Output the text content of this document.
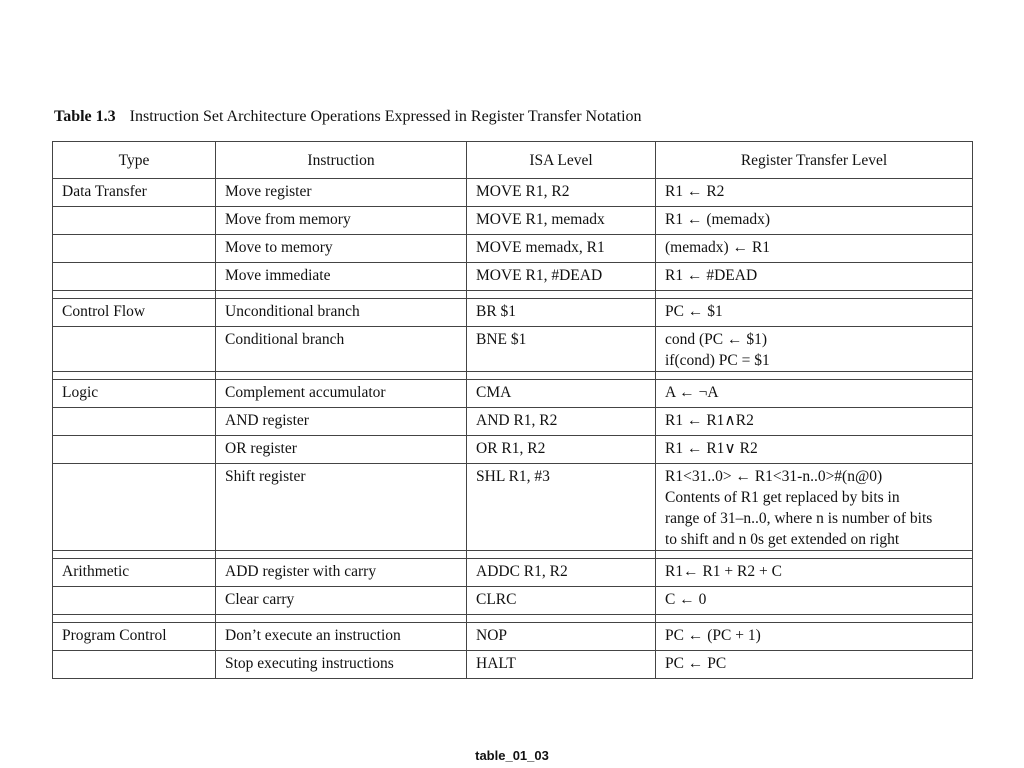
Table 1.3 Instruction Set Architecture Operations Expressed in Register Transfer Notation
Type	Instruction	ISA Level	Register Transfer Level
Data Transfer	Move register	MOVE R1, R2	R1 ← R2

	Move from memory	MOVE R1, memadx	R1 ← (memadx)

	Move to memory	MOVE memadx, R1	(memadx) ← R1

	Move immediate	MOVE R1, #DEAD	R1 ← #DEAD

Control Flow	Unconditional branch	BR $1	PC ← $1

	Conditional branch	BNE $1	cond (PC ← $1)
if(cond) PC = $1

Logic	Complement accumulator	CMA	A ← ¬A

	AND register	AND R1, R2	R1 ← R1∧R2

	OR register	OR R1, R2	R1 ← R1∨ R2

	Shift register	SHL R1, #3	R1<31..0> ← R1<31-n..0>#(n@0)
Contents of R1 get replaced by bits in
range of 31–n..0, where n is number of bits
to shift and n 0s get extended on right

Arithmetic	ADD register with carry	ADDC R1, R2	R1← R1 + R2 + C

	Clear carry	CLRC	C ← 0

Program Control	Don’t execute an instruction	NOP	PC ← (PC + 1)

	Stop executing instructions	HALT	PC ← PC
table_01_03
